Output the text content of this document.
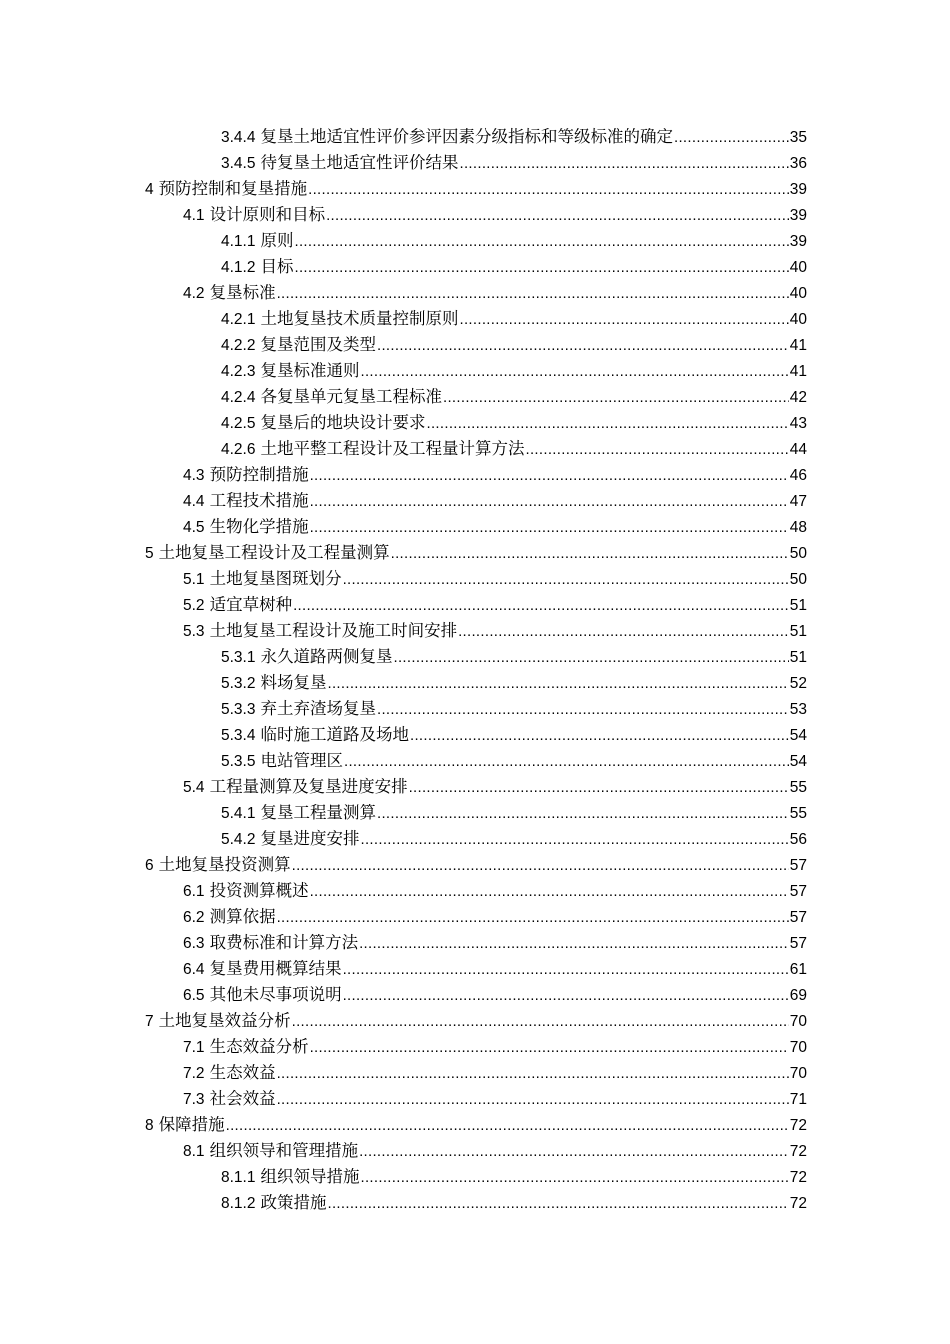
3.4.4 复垦土地适宜性评价参评因素分级指标和等级标准的确定 .....	35
3.4.5 待复垦土地适宜性评价结果 .....	36
4 预防控制和复垦措施 .....	39
4.1 设计原则和目标 .....	39
4.1.1 原则 .....	39
4.1.2 目标 .....	40
4.2 复垦标准 .....	40
4.2.1 土地复垦技术质量控制原则 .....	40
4.2.2 复垦范围及类型 .....	41
4.2.3 复垦标准通则 .....	41
4.2.4 各复垦单元复垦工程标准 .....	42
4.2.5 复垦后的地块设计要求 .....	43
4.2.6 土地平整工程设计及工程量计算方法 .....	44
4.3 预防控制措施 .....	46
4.4 工程技术措施 .....	47
4.5 生物化学措施 .....	48
5 土地复垦工程设计及工程量测算 .....	50
5.1 土地复垦图斑划分 .....	50
5.2 适宜草树种 .....	51
5.3 土地复垦工程设计及施工时间安排 .....	51
5.3.1 永久道路两侧复垦 .....	51
5.3.2 料场复垦 .....	52
5.3.3 弃土弃渣场复垦 .....	53
5.3.4 临时施工道路及场地 .....	54
5.3.5 电站管理区 .....	54
5.4 工程量测算及复垦进度安排 .....	55
5.4.1 复垦工程量测算 .....	55
5.4.2 复垦进度安排 .....	56
6 土地复垦投资测算 .....	57
6.1 投资测算概述 .....	57
6.2 测算依据 .....	57
6.3 取费标准和计算方法 .....	57
6.4 复垦费用概算结果 .....	61
6.5 其他未尽事项说明 .....	69
7 土地复垦效益分析 .....	70
7.1 生态效益分析 .....	70
7.2 生态效益 .....	70
7.3 社会效益 .....	71
8 保障措施 .....	72
8.1 组织领导和管理措施 .....	72
8.1.1 组织领导措施 .....	72
8.1.2 政策措施 .....	72
